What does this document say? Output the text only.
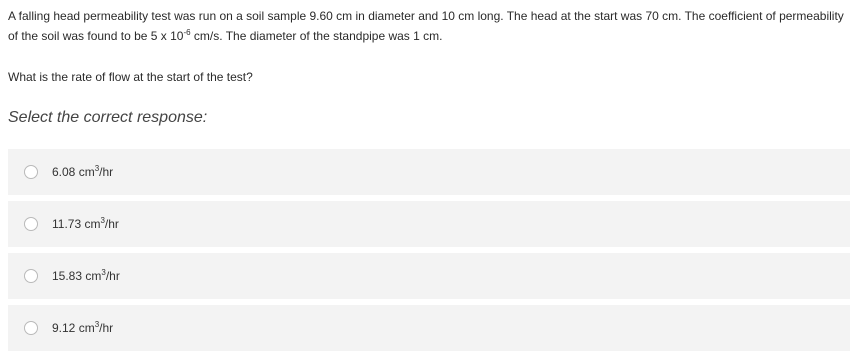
A falling head permeability test was run on a soil sample 9.60 cm in diameter and 10 cm long. The head at the start was 70 cm. The coefficient of permeability of the soil was found to be 5 x $10^{-6}$ cm/s. The diameter of the standpipe was 1 cm.
What is the rate of flow at the start of the test?
Select the correct response:
6.08 $cm^3/hr$
11.73 $cm^3/hr$
15.83 $cm^3/hr$
9.12 $cm^3/hr$
